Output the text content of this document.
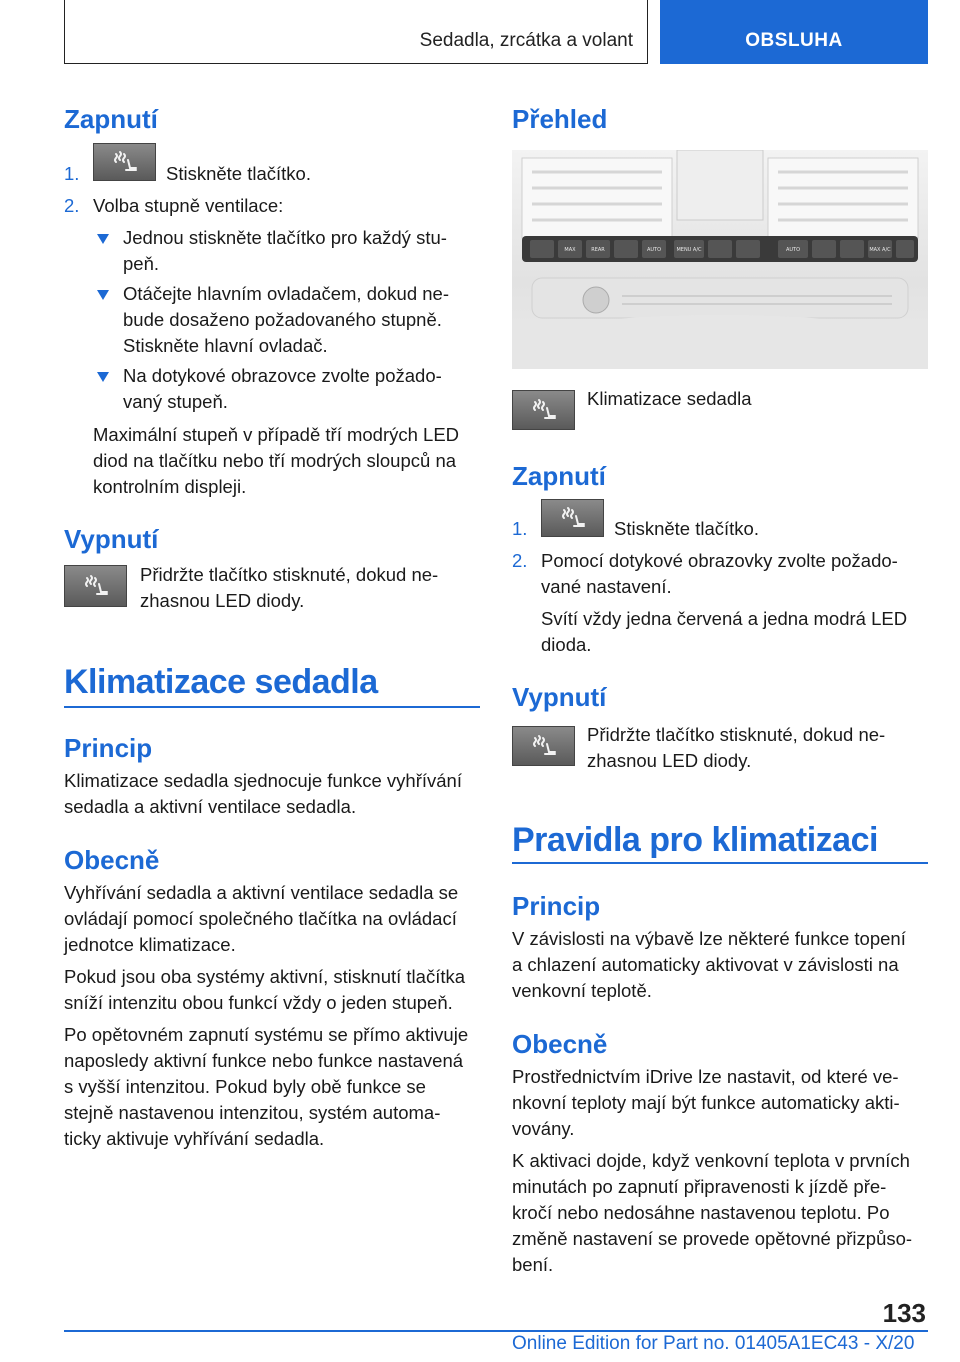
Sedadla, zrcátka a volant	OBSLUHA
Zapnutí
1.	Stiskněte tlačítko.
2. Volba stupně ventilace:
Jednou stiskněte tlačítko pro každý stu-
peň.
Otáčejte hlavním ovladačem, dokud ne-
bude dosaženo požadovaného stupně.
Stiskněte hlavní ovladač.
Na dotykové obrazovce zvolte požado-
vaný stupeň.
Maximální stupeň v případě tří modrých LED
diod na tlačítku nebo tří modrých sloupců na
kontrolním displeji.
Vypnutí
Přidržte tlačítko stisknuté, dokud ne-
zhasnou LED diody.
Klimatizace sedadla
Princip
Klimatizace sedadla sjednocuje funkce vyhřívání
sedadla a aktivní ventilace sedadla.
Obecně
Vyhřívání sedadla a aktivní ventilace sedadla se
ovládají pomocí společného tlačítka na ovládací
jednotce klimatizace.
Pokud jsou oba systémy aktivní, stisknutí tlačítka
sníží intenzitu obou funkcí vždy o jeden stupeň.
Po opětovném zapnutí systému se přímo aktivuje
naposledy aktivní funkce nebo funkce nastavená
s vyšší intenzitou. Pokud byly obě funkce se
stejně nastavenou intenzitou, systém automa-
ticky aktivuje vyhřívání sedadla.
Přehled
MAX	REAR	AUTO	MENU A/C	AUTO	MAX A/C
Klimatizace sedadla
Zapnutí
1.	Stiskněte tlačítko.
2. Pomocí dotykové obrazovky zvolte požado-
vané nastavení.
Svítí vždy jedna červená a jedna modrá LED
dioda.
Vypnutí
Přidržte tlačítko stisknuté, dokud ne-
zhasnou LED diody.
Pravidla pro klimatizaci
Princip
V závislosti na výbavě lze některé funkce topení
a chlazení automaticky aktivovat v závislosti na
venkovní teplotě.
Obecně
Prostřednictvím iDrive lze nastavit, od které ve-
nkovní teploty mají být funkce automaticky akti-
vovány.
K aktivaci dojde, když venkovní teplota v prvních
minutách po zapnutí připravenosti k jízdě pře-
kročí nebo nedosáhne nastavenou teplotu. Po
změně nastavení se provede opětovné přizpůso-
bení.
133
Online Edition for Part no. 01405A1EC43 - X/20
